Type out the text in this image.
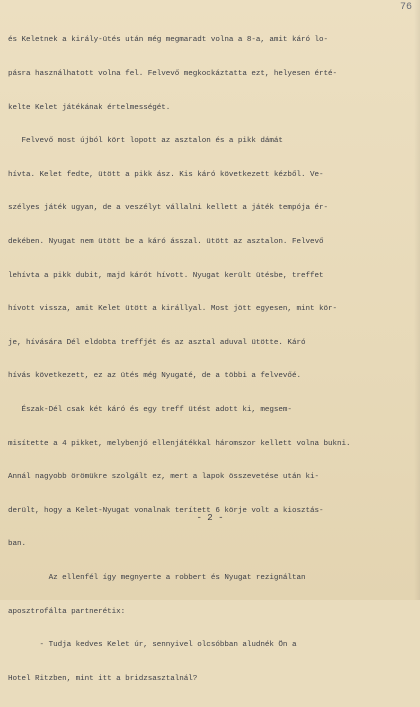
76

és Keletnek a király-ütés után még megmaradt volna a 8-a, amit káró lo-

pásra használhatott volna fel. Felvevő megkockáztatta ezt, helyesen érté-

kelte Kelet játékának értelmességét.

Felvevő most újból kört lopott az asztalon és a pikk dámát

hívta. Kelet fedte, ütött a pikk ász. Kis káró következett kézből. Ve-

szélyes játék ugyan, de a veszélyt vállalni kellett a játék tempója ér-

dekében. Nyugat nem ütött be a káró ásszal. ütött az asztalon. Felvevő

lehívta a pikk dubit, majd kárót hívott. Nyugat került ütésbe, treffet

hívott vissza, amit Kelet ütött a királlyal. Most jött egyesen, mint kör-

je, hívására Dél eldobta treffjét és az asztal aduval ütötte. Káró

hívás következett, ez az ütés még Nyugaté, de a többi a felvevőé.

Észak-Dél csak két káró és egy treff ütést adott ki, megsem-

misítette a 4 pikket, melybenjó ellenjátékkal háromszor kellett volna bukni.

Annál nagyobb örömükre szolgált ez, mert a lapok összevetése után ki-

derült, hogy a Kelet-Nyugat vonalnak terített 6 körje volt a kiosztás-

ban.

Az ellenfél így megnyerte a robbert és Nyugat rezignáltan

aposztrofálta partnerétix:

- Tudja kedves Kelet úr, sennyivel olcsóbban aludnék Ön a

Hotel Ritzben, mint itt a bridzsasztalnál?

- 2 -
